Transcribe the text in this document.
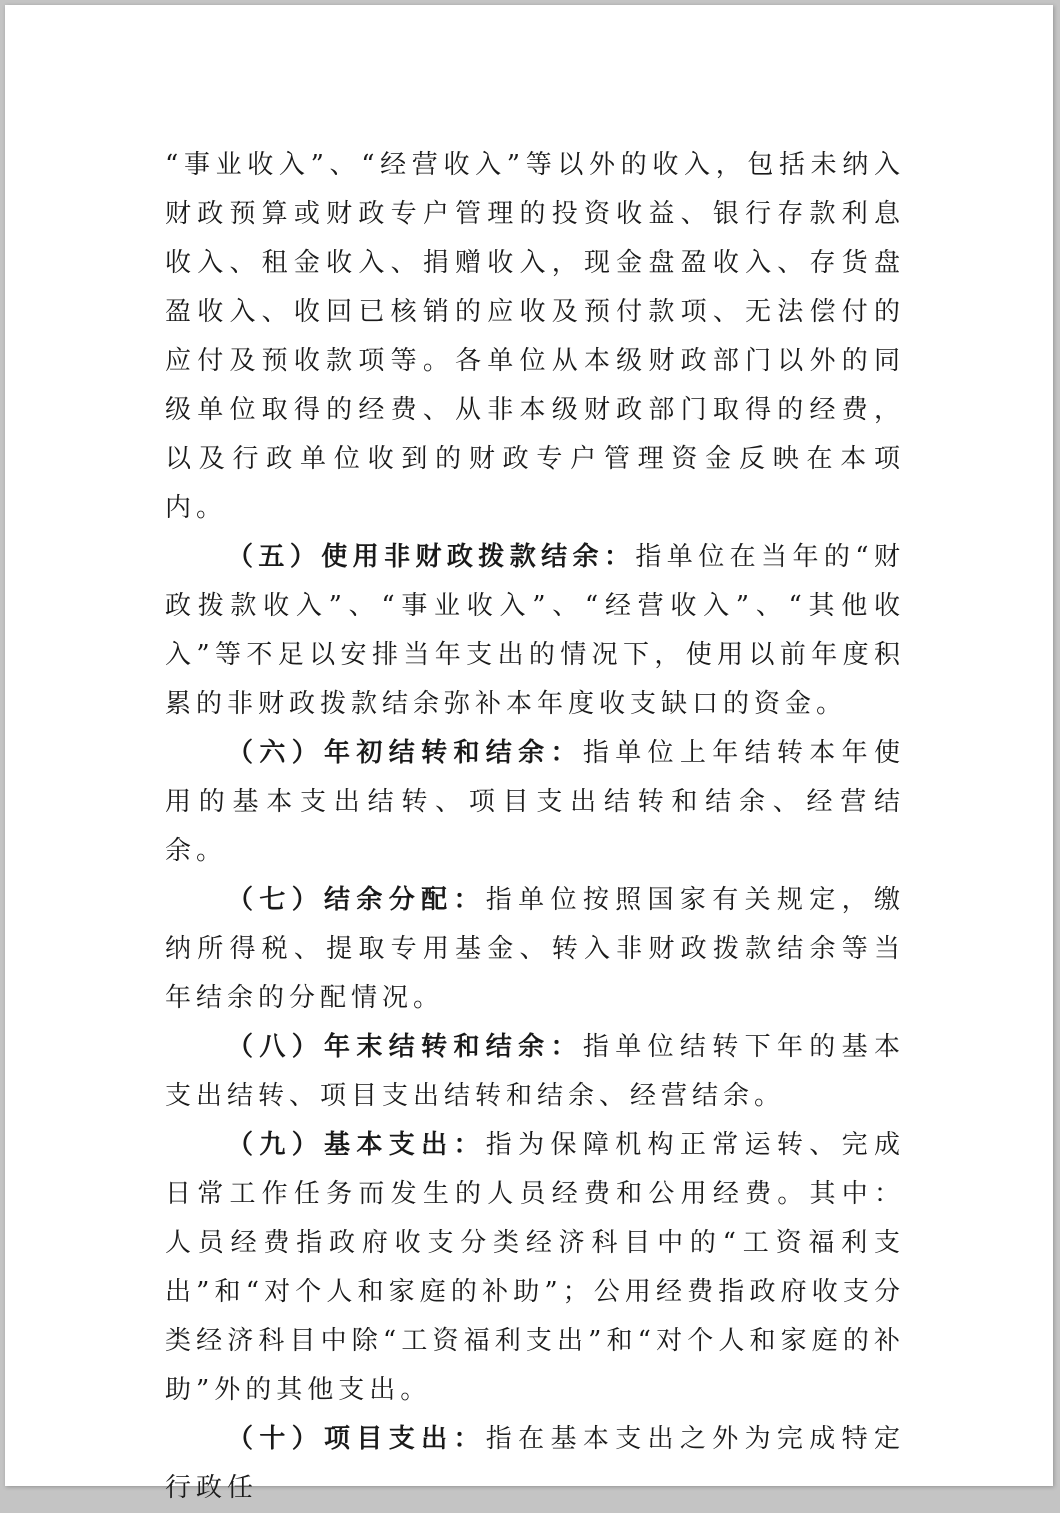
“事业收入”、“经营收入”等以外的收入，包括未纳入财政预算或财政专户管理的投资收益、银行存款利息收入、租金收入、捐赠收入，现金盘盈收入、存货盘盈收入、收回已核销的应收及预付款项、无法偿付的应付及预收款项等。各单位从本级财政部门以外的同级单位取得的经费、从非本级财政部门取得的经费，以及行政单位收到的财政专户管理资金反映在本项内。

（五）使用非财政拨款结余：指单位在当年的“财政拨款收入”、“事业收入”、“经营收入”、“其他收入”等不足以安排当年支出的情况下，使用以前年度积累的非财政拨款结余弥补本年度收支缺口的资金。

（六）年初结转和结余：指单位上年结转本年使用的基本支出结转、项目支出结转和结余、经营结余。

（七）结余分配：指单位按照国家有关规定，缴纳所得税、提取专用基金、转入非财政拨款结余等当年结余的分配情况。

（八）年末结转和结余：指单位结转下年的基本支出结转、项目支出结转和结余、经营结余。

（九）基本支出：指为保障机构正常运转、完成日常工作任务而发生的人员经费和公用经费。其中：人员经费指政府收支分类经济科目中的“工资福利支出”和“对个人和家庭的补助”；公用经费指政府收支分类经济科目中除“工资福利支出”和“对个人和家庭的补助”外的其他支出。

（十）项目支出：指在基本支出之外为完成特定行政任
